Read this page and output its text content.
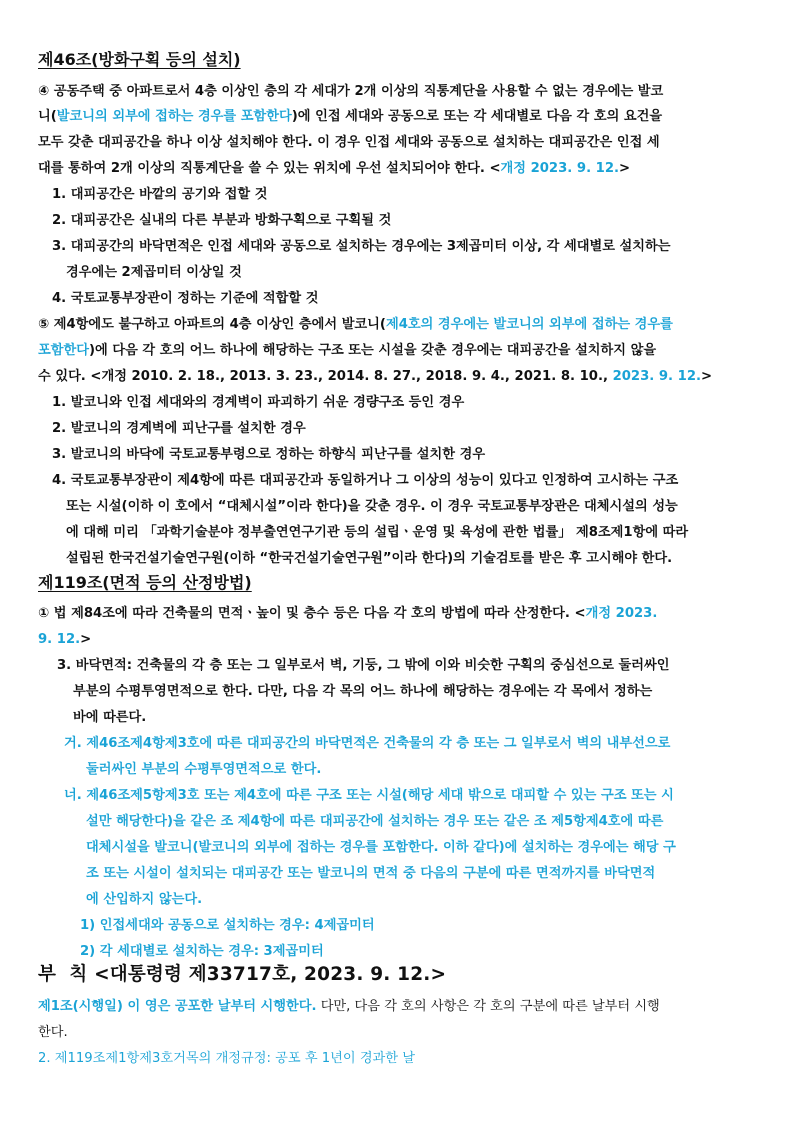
제46조(방화구획 등의 설치)
④ 공동주택 중 아파트로서 4층 이상인 층의 각 세대가 2개 이상의 직통계단을 사용할 수 없는 경우에는 발코
니(발코니의 외부에 접하는 경우를 포함한다)에 인접 세대와 공동으로 또는 각 세대별로 다음 각 호의 요건을
모두 갖춘 대피공간을 하나 이상 설치해야 한다. 이 경우 인접 세대와 공동으로 설치하는 대피공간은 인접 세
대를 통하여 2개 이상의 직통계단을 쓸 수 있는 위치에 우선 설치되어야 한다. <개정 2023. 9. 12.>
1. 대피공간은 바깥의 공기와 접할 것
2. 대피공간은 실내의 다른 부분과 방화구획으로 구획될 것
3. 대피공간의 바닥면적은 인접 세대와 공동으로 설치하는 경우에는 3제곱미터 이상, 각 세대별로 설치하는
경우에는 2제곱미터 이상일 것
4. 국토교통부장관이 정하는 기준에 적합할 것
⑤ 제4항에도 불구하고 아파트의 4층 이상인 층에서 발코니(제4호의 경우에는 발코니의 외부에 접하는 경우를
포함한다)에 다음 각 호의 어느 하나에 해당하는 구조 또는 시설을 갖춘 경우에는 대피공간을 설치하지 않을
수 있다. <개정 2010. 2. 18., 2013. 3. 23., 2014. 8. 27., 2018. 9. 4., 2021. 8. 10., 2023. 9. 12.>
1. 발코니와 인접 세대와의 경계벽이 파괴하기 쉬운 경량구조 등인 경우
2. 발코니의 경계벽에 피난구를 설치한 경우
3. 발코니의 바닥에 국토교통부령으로 정하는 하향식 피난구를 설치한 경우
4. 국토교통부장관이 제4항에 따른 대피공간과 동일하거나 그 이상의 성능이 있다고 인정하여 고시하는 구조
또는 시설(이하 이 호에서 “대체시설”이라 한다)을 갖춘 경우. 이 경우 국토교통부장관은 대체시설의 성능
에 대해 미리 「과학기술분야 정부출연연구기관 등의 설립ㆍ운영 및 육성에 관한 법률」 제8조제1항에 따라
설립된 한국건설기술연구원(이하 “한국건설기술연구원”이라 한다)의 기술검토를 받은 후 고시해야 한다.
제119조(면적 등의 산정방법)
① 법 제84조에 따라 건축물의 면적ㆍ높이 및 층수 등은 다음 각 호의 방법에 따라 산정한다. <개정 2023.
9. 12.>
3. 바닥면적: 건축물의 각 층 또는 그 일부로서 벽, 기둥, 그 밖에 이와 비슷한 구획의 중심선으로 둘러싸인
부분의 수평투영면적으로 한다. 다만, 다음 각 목의 어느 하나에 해당하는 경우에는 각 목에서 정하는
바에 따른다.
거. 제46조제4항제3호에 따른 대피공간의 바닥면적은 건축물의 각 층 또는 그 일부로서 벽의 내부선으로
둘러싸인 부분의 수평투영면적으로 한다.
너. 제46조제5항제3호 또는 제4호에 따른 구조 또는 시설(해당 세대 밖으로 대피할 수 있는 구조 또는 시
설만 해당한다)을 같은 조 제4항에 따른 대피공간에 설치하는 경우 또는 같은 조 제5항제4호에 따른
대체시설을 발코니(발코니의 외부에 접하는 경우를 포함한다. 이하 같다)에 설치하는 경우에는 해당 구
조 또는 시설이 설치되는 대피공간 또는 발코니의 면적 중 다음의 구분에 따른 면적까지를 바닥면적
에 산입하지 않는다.
1) 인접세대와 공동으로 설치하는 경우: 4제곱미터
2) 각 세대별로 설치하는 경우: 3제곱미터
부  칙 <대통령령 제33717호, 2023. 9. 12.>
제1조(시행일) 이 영은 공포한 날부터 시행한다. 다만, 다음 각 호의 사항은 각 호의 구분에 따른 날부터 시행
한다.
2. 제119조제1항제3호거목의 개정규정: 공포 후 1년이 경과한 날
